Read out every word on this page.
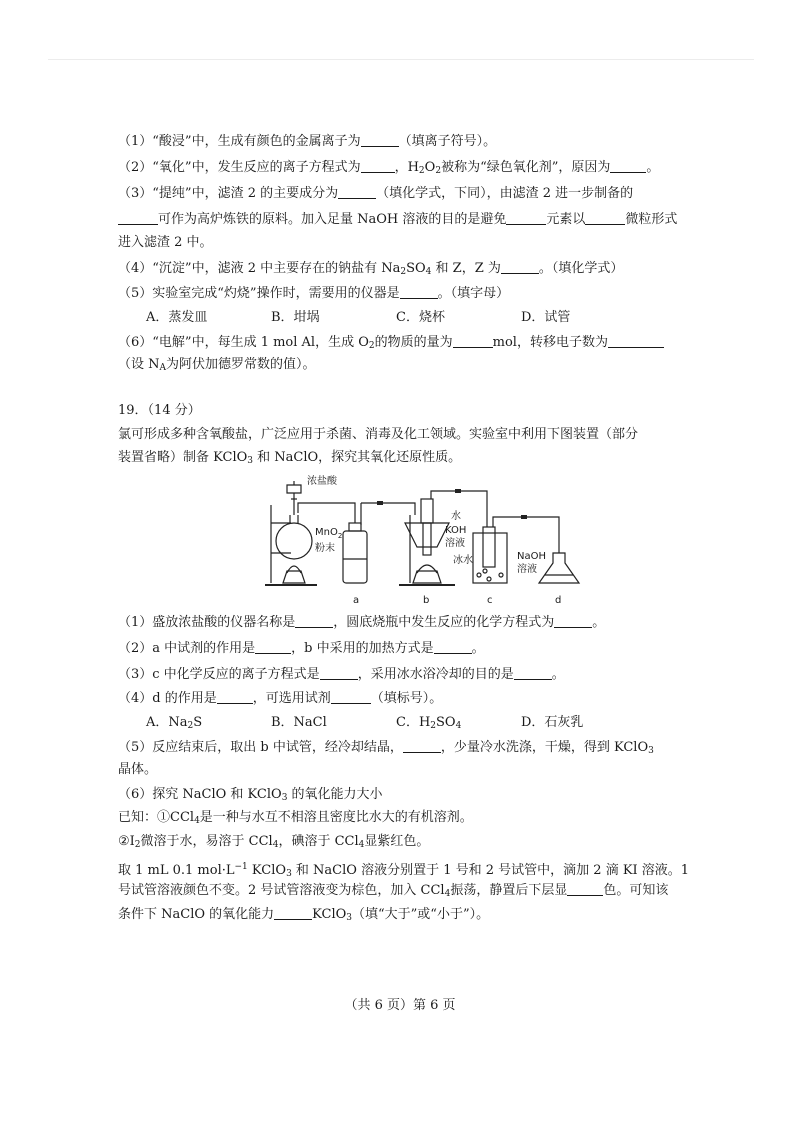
（1）“酸浸”中，生成有颜色的金属离子为	（填离子符号）。
（2）“氧化”中，发生反应的离子方程式为	，$H_2O_2$被称为“绿色氧化剂”，原因为	。
（3）“提纯”中，滤渣 2 的主要成分为	（填化学式，下同），由滤渣 2 进一步制备的
可作为高炉炼铁的原料。加入足量 NaOH 溶液的目的是避免	元素以	微粒形式
进入滤渣 2 中。
（4）“沉淀”中，滤液 2 中主要存在的钠盐有 $Na_2SO_4$ 和 Z，Z 为	。（填化学式）
（5）实验室完成“灼烧”操作时，需要用的仪器是	。（填字母）
A．蒸发皿	B．坩埚	C．烧杯	D．试管
（6）“电解”中，每生成 1 mol Al，生成 $O_2$的物质的量为	mol，转移电子数为
（设 $N_A$为阿伏加德罗常数的值）。
19．（14 分）
氯可形成多种含氧酸盐，广泛应用于杀菌、消毒及化工领域。实验室中利用下图装置（部分
装置省略）制备 KClO$_3$ 和 NaClO，探究其氧化还原性质。
浓盐酸
MnO$_2$
粉末
水
KOH
溶液
冰水	NaOH
溶液
a	b	c	d
（1）盛放浓盐酸的仪器名称是	，圆底烧瓶中发生反应的化学方程式为	。
（2）a 中试剂的作用是	，b 中采用的加热方式是	。
（3）c 中化学反应的离子方程式是	，采用冰水浴冷却的目的是	。
（4）d 的作用是	，可选用试剂	（填标号）。
A．$Na_2S$	B．NaCl	C．$H_2SO_4$	D．石灰乳
（5）反应结束后，取出 b 中试管，经冷却结晶，	，少量冷水洗涤，干燥，得到 KClO$_3$
晶体。
（6）探究 NaClO 和 KClO$_3$ 的氧化能力大小
已知：①CCl$_4$是一种与水互不相溶且密度比水大的有机溶剂。
$②I_2$微溶于水，易溶于 CCl$_4$，碘溶于 CCl$_4$显紫红色。
取 1 mL 0.1 $mol\cdot L^{-1}$ KClO$_3$ 和 NaClO 溶液分别置于 1 号和 2 号试管中，滴加 2 滴 KI 溶液。1
号试管溶液颜色不变。2 号试管溶液变为棕色，加入 CCl$_4$振荡，静置后下层显	色。可知该
条件下 NaClO 的氧化能力	KClO$_3$（填“大于”或“小于”）。
（共 6 页）第 6 页
